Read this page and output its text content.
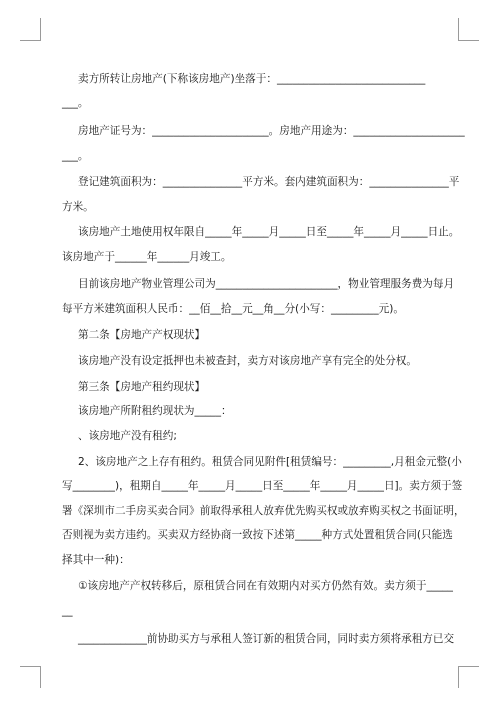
卖方所转让房地产(下称该房地产)坐落于：____________________________
___。
房地产证号为：______________________。房地产用途为：_____________________
___。
登记建筑面积为：_______________平方米。套内建筑面积为：_______________平
方米。
该房地产土地使用权年限自_____年_____月_____日至_____年_____月_____日止。
该房地产于______年______月竣工。
目前该房地产物业管理公司为_______________________，物业管理服务费为每月
每平方米建筑面积人民币：__佰__拾__元__角__分(小写：_________元)。
第二条【房地产产权现状】
该房地产没有设定抵押也未被查封，卖方对该房地产享有完全的处分权。
第三条【房地产租约现状】
该房地产所附租约现状为_____：
、该房地产没有租约;
2、该房地产之上存有租约。租赁合同见附件[租赁编号：_________,月租金元整(小
写________)，租期自_____年_____月_____日至_____年_____月_____日]。卖方须于签
署《深圳市二手房买卖合同》前取得承租人放弃优先购买权或放弃购买权之书面证明，
否则视为卖方违约。买卖双方经协商一致按下述第_____种方式处置租赁合同(只能选
择其中一种)：
①该房地产产权转移后，原租赁合同在有效期内对买方仍然有效。卖方须于_____
__
_____________前协助买方与承租人签订新的租赁合同，同时卖方须将承租方已交
